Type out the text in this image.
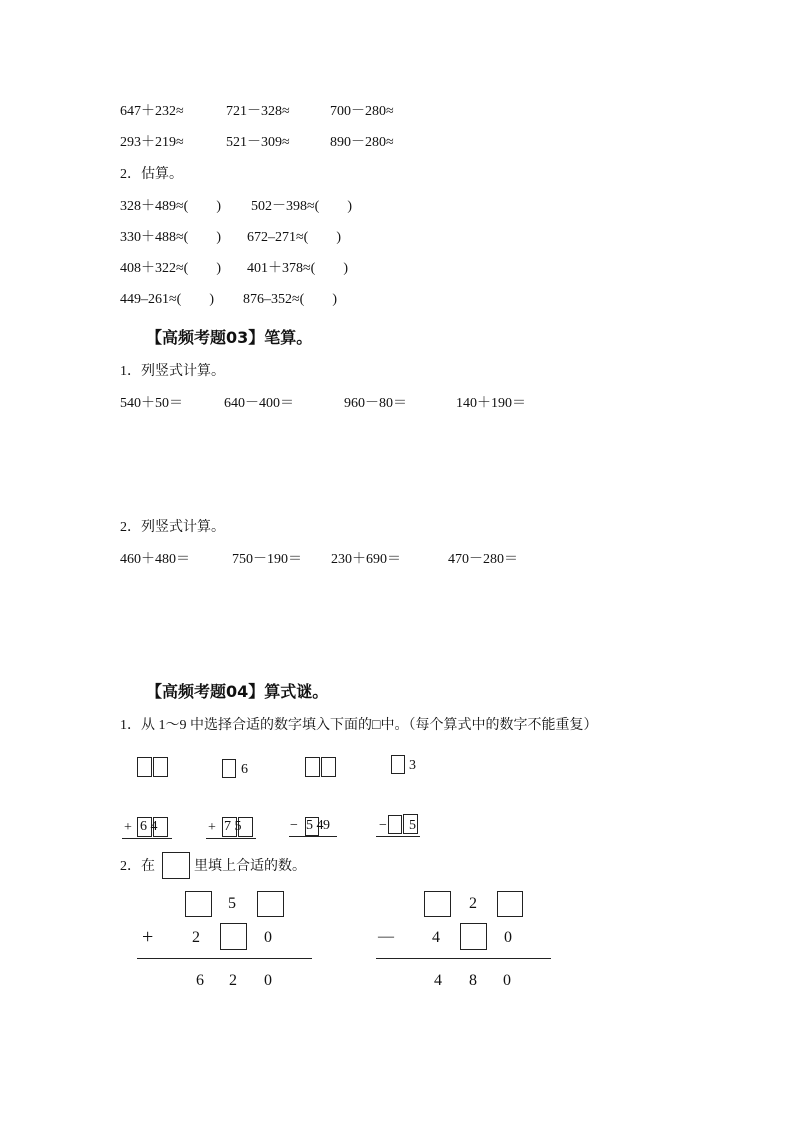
647＋232≈	721－328≈	700－280≈
293＋219≈	521－309≈	890－280≈
2．估算。
328＋489≈(　　) 502－398≈(　　)
330＋488≈(　　) 672–271≈(　　)
408＋322≈(　　) 401＋378≈(　　)
449–261≈(　　) 876–352≈(　　)
【高频考题03】笔算。
1．列竖式计算。
540＋50＝	640－400＝	960－80＝	140＋190＝
2．列竖式计算。
460＋480＝	750－190＝ 230＋690＝	470－280＝
【高频考题04】算式谜。
1．从 1～9 中选择合适的数字填入下面的□中。（每个算式中的数字不能重复）
+ 6 4
6
+ 7 5	− 9
5 4
3
− 5
2．在	里填上合适的数。
5
+ 2	0
6 2 0
2
— 4	0
4 8 0
